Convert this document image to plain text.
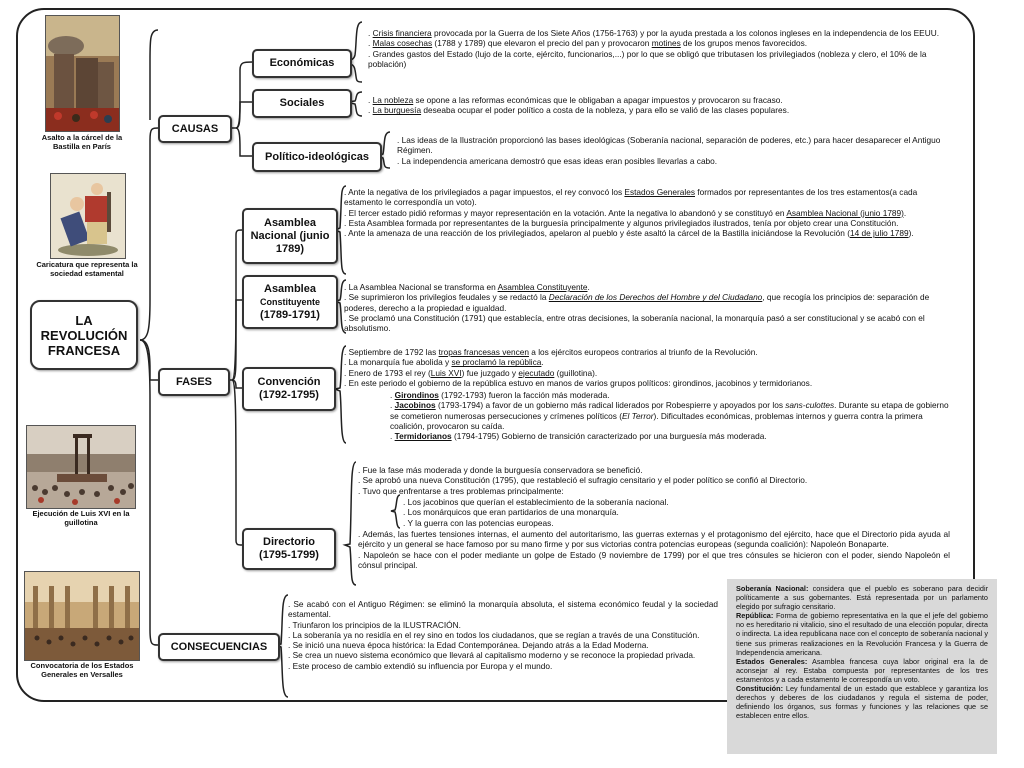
Asalto a la cárcel de la Bastilla en París
Caricatura que representa la sociedad estamental
Ejecución de Luis XVI en la guillotina
Convocatoria de los Estados Generales en Versalles
LA REVOLUCIÓN FRANCESA
CAUSAS
FASES
CONSECUENCIAS
Económicas
Sociales
Político-ideológicas
Asamblea Nacional (junio 1789)
Asamblea
Constituyente
(1789-1791)
Convención (1792-1795)
Directorio (1795-1799)

. Crisis financiera provocada por la Guerra de los Siete Años (1756-1763) y por la ayuda prestada a los colonos ingleses en la independencia de los EEUU.

. Malas cosechas (1788 y 1789) que elevaron el precio del pan y provocaron motines de los grupos menos favorecidos.

. Grandes gastos del Estado (lujo de la corte, ejército, funcionarios,...) por lo que se obligó que tributasen los privilegiados (nobleza y clero, el 10% de la población)

. La nobleza se opone a las reformas económicas que le obligaban a apagar impuestos y provocaron su fracaso.

. La burguesía deseaba ocupar el poder político a costa de la nobleza, y para ello se valió de las clases populares.

. Las ideas de la Ilustración proporcionó las bases ideológicas (Soberanía nacional, separación de poderes, etc.) para hacer desaparecer el Antiguo Régimen.

. La independencia americana demostró que esas ideas eran posibles llevarlas a cabo.

. Ante la negativa de los privilegiados a pagar impuestos, el rey convocó los Estados Generales formados por representantes de los tres estamentos(a cada estamento le correspondía un voto).

. El tercer estado pidió reformas y mayor representación en la votación. Ante la negativa lo abandonó y se constituyó en Asamblea Nacional (junio 1789).

. Esta Asamblea formada por representantes de la burguesía principalmente y algunos privilegiados ilustrados, tenía por objeto crear una Constitución.

. Ante la amenaza de una reacción de los privilegiados, apelaron al pueblo y éste asaltó la cárcel de la Bastilla iniciándose la Revolución (14 de julio 1789).

. La Asamblea Nacional se transforma en Asamblea Constituyente.

. Se suprimieron los privilegios feudales y se redactó la Declaración de los Derechos del Hombre y del Ciudadano, que recogía los principios de: separación de poderes, derecho a la propiedad e igualdad.

. Se proclamó una Constitución (1791) que establecía, entre otras decisiones, la soberanía nacional, la monarquía pasó a ser constitucional y se acabó con el absolutismo.

. Septiembre de 1792 las tropas francesas vencen a los ejércitos europeos contrarios al triunfo de la Revolución.

. La monarquía fue abolida y se proclamó la república.

. Enero de 1793 el rey (Luis XVI) fue juzgado y ejecutado (guillotina).

. En este periodo el gobierno de la república estuvo en manos de varios grupos políticos: girondinos, jacobinos y termidorianos.

. Girondinos (1792-1793) fueron la facción más moderada.

. Jacobinos (1793-1794) a favor de un gobierno más radical liderados por Robespierre y apoyados por los sans-culottes. Durante su etapa de gobierno se cometieron numerosas persecuciones y crímenes políticos (El Terror). Dificultades económicas, problemas internos y guerra contra la primera coalición, provocaron su caída.

. Termidorianos (1794-1795) Gobierno de transición caracterizado por una burguesía más moderada.

. Fue la fase más moderada y donde la burguesía conservadora se benefició.

. Se aprobó una nueva Constitución (1795), que restableció el sufragio censitario y el poder político se confió al Directorio.

. Tuvo que enfrentarse a tres problemas principalmente:

. Los jacobinos que querían el establecimiento de la soberanía nacional.

. Los monárquicos que eran partidarios de una monarquía.

. Y la guerra con las potencias europeas.

. Además, las fuertes tensiones internas, el aumento del autoritarismo, las guerras externas y el protagonismo del ejército, hace que el Directorio pida ayuda al ejército y un general se hace famoso por su mano firme y por sus victorias contra potencias europeas (segunda coalición): Napoleón Bonaparte.

. Napoleón se hace con el poder mediante un golpe de Estado (9 noviembre de 1799) por el que tres cónsules se hicieron con el poder, siendo Napoleón el cónsul principal.

. Se acabó con el Antiguo Régimen: se eliminó la monarquía absoluta, el sistema económico feudal y la sociedad estamental.

. Triunfaron los principios de la ILUSTRACIÓN.

. La soberanía ya no residía en el rey sino en todos los ciudadanos, que se regían a través de una Constitución.

. Se inició una nueva época histórica: la Edad Contemporánea. Dejando atrás a la Edad Moderna.

. Se crea un nuevo sistema económico que llevará al capitalismo moderno y se reconoce la propiedad privada.

. Este proceso de cambio extendió su influencia por Europa y el mundo.

Soberanía Nacional: considera que el pueblo es soberano para decidir políticamente a sus gobernantes. Está representada por un parlamento elegido por sufragio censitario.

República: Forma de gobierno representativa en la que el jefe del gobierno no es hereditario ni vitalicio, sino el resultado de una elección popular, directa o indirecta. La idea republicana nace con el concepto de soberanía nacional y tiene sus primeras realizaciones en la Revolución Francesa y la Guerra de Independencia americana.

Estados Generales: Asamblea francesa cuya labor original era la de aconsejar al rey. Estaba compuesta por representantes de los tres estamentos y a cada estamento le correspondía un voto.

Constitución: Ley fundamental de un estado que establece y garantiza los derechos y deberes de los ciudadanos y regula el sistema de poder, definiendo los órganos, sus formas y funciones y las relaciones que se establecen entre ellos.
